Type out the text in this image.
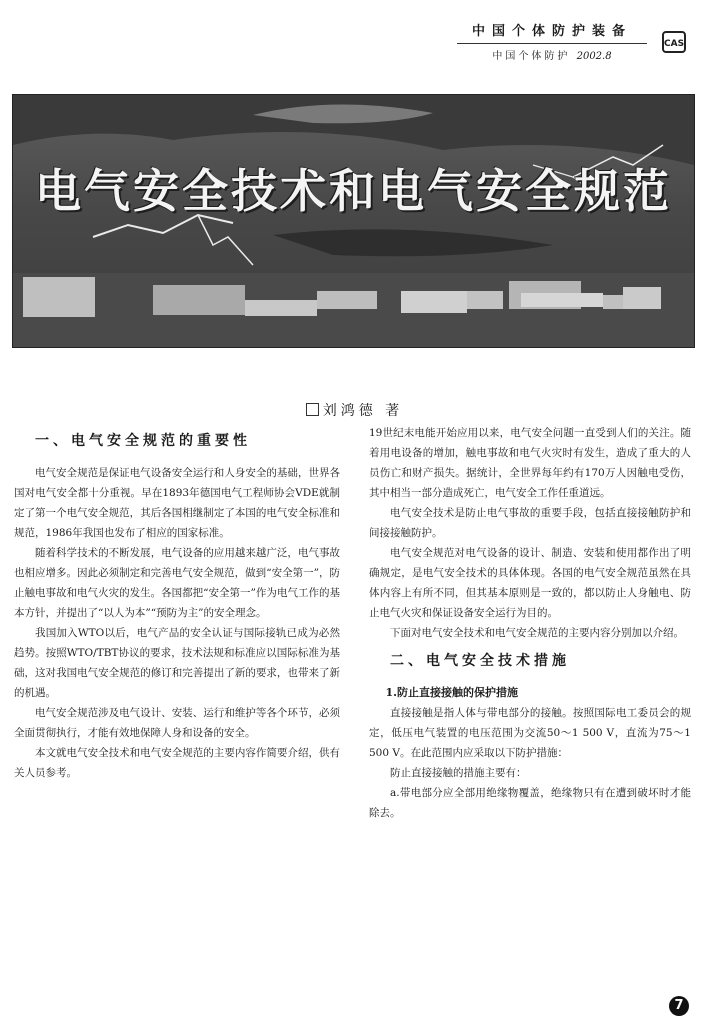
中国个体防护装备
中国个体防护 2002.8
CAS
电气安全技术和电气安全规范
刘鸿德 著
一、电气安全规范的重要性

电气安全规范是保证电气设备安全运行和人身安全的基础，世界各国对电气安全都十分重视。早在1893年德国电气工程师协会VDE就制定了第一个电气安全规范，其后各国相继制定了本国的电气安全标准和规范，1986年我国也发布了相应的国家标准。

随着科学技术的不断发展，电气设备的应用越来越广泛，电气事故也相应增多。因此必须制定和完善电气安全规范，做到“安全第一”，防止触电事故和电气火灾的发生。各国都把“安全第一”作为电气工作的基本方针，并提出了“以人为本”“预防为主”的安全理念。

我国加入WTO以后，电气产品的安全认证与国际接轨已成为必然趋势。按照WTO/TBT协议的要求，技术法规和标准应以国际标准为基础，这对我国电气安全规范的修订和完善提出了新的要求，也带来了新的机遇。

电气安全规范涉及电气设计、安装、运行和维护等各个环节，必须全面贯彻执行，才能有效地保障人身和设备的安全。

本文就电气安全技术和电气安全规范的主要内容作简要介绍，供有关人员参考。

19世纪末电能开始应用以来，电气安全问题一直受到人们的关注。随着用电设备的增加，触电事故和电气火灾时有发生，造成了重大的人员伤亡和财产损失。据统计，全世界每年约有170万人因触电受伤，其中相当一部分造成死亡，电气安全工作任重道远。

电气安全技术是防止电气事故的重要手段，包括直接接触防护和间接接触防护。

电气安全规范对电气设备的设计、制造、安装和使用都作出了明确规定，是电气安全技术的具体体现。各国的电气安全规范虽然在具体内容上有所不同，但其基本原则是一致的，都以防止人身触电、防止电气火灾和保证设备安全运行为目的。

下面对电气安全技术和电气安全规范的主要内容分别加以介绍。

二、电气安全技术措施
1.防止直接接触的保护措施

直接接触是指人体与带电部分的接触。按照国际电工委员会的规定，低压电气装置的电压范围为交流50～1 500 V，直流为75～1 500 V。在此范围内应采取以下防护措施：

防止直接接触的措施主要有：

a.带电部分应全部用绝缘物覆盖，绝缘物只有在遭到破坏时才能除去。

7
